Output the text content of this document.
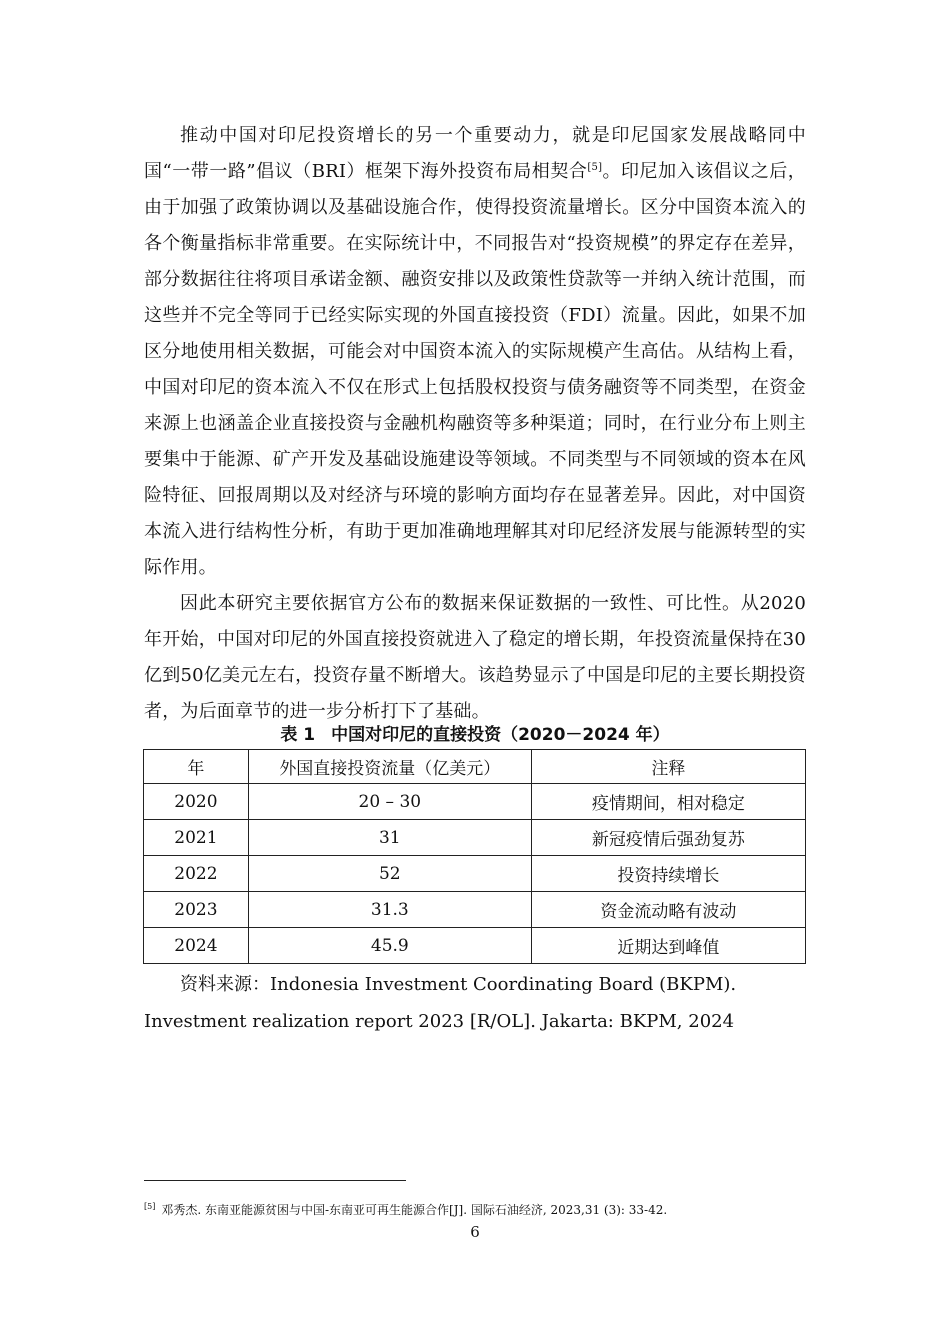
推动中国对印尼投资增长的另一个重要动力，就是印尼国家发展战略同中国“一带一路”倡议（BRI）框架下海外投资布局相契合[5]。印尼加入该倡议之后，由于加强了政策协调以及基础设施合作，使得投资流量增长。区分中国资本流入的各个衡量指标非常重要。在实际统计中，不同报告对“投资规模”的界定存在差异，部分数据往往将项目承诺金额、融资安排以及政策性贷款等一并纳入统计范围，而这些并不完全等同于已经实际实现的外国直接投资（FDI）流量。因此，如果不加区分地使用相关数据，可能会对中国资本流入的实际规模产生高估。从结构上看，中国对印尼的资本流入不仅在形式上包括股权投资与债务融资等不同类型，在资金来源上也涵盖企业直接投资与金融机构融资等多种渠道；同时，在行业分布上则主要集中于能源、矿产开发及基础设施建设等领域。不同类型与不同领域的资本在风险特征、回报周期以及对经济与环境的影响方面均存在显著差异。因此，对中国资本流入进行结构性分析，有助于更加准确地理解其对印尼经济发展与能源转型的实际作用。

因此本研究主要依据官方公布的数据来保证数据的一致性、可比性。从2020年开始，中国对印尼的外国直接投资就进入了稳定的增长期，年投资流量保持在30亿到50亿美元左右，投资存量不断增大。该趋势显示了中国是印尼的主要长期投资者，为后面章节的进一步分析打下了基础。

表 1 中国对印尼的直接投资（2020－2024 年）
年	外国直接投资流量（亿美元）	注释
2020	20 – 30	疫情期间，相对稳定
2021	31	新冠疫情后强劲复苏
2022	52	投资持续增长
2023	31.3	资金流动略有波动
2024	45.9	近期达到峰值

资料来源：Indonesia Investment Coordinating Board (BKPM). Investment realization report 2023 [R/OL]. Jakarta: BKPM, 2024

[5] 邓秀杰. 东南亚能源贫困与中国-东南亚可再生能源合作[J]. 国际石油经济, 2023,31 (3): 33-42.

6
